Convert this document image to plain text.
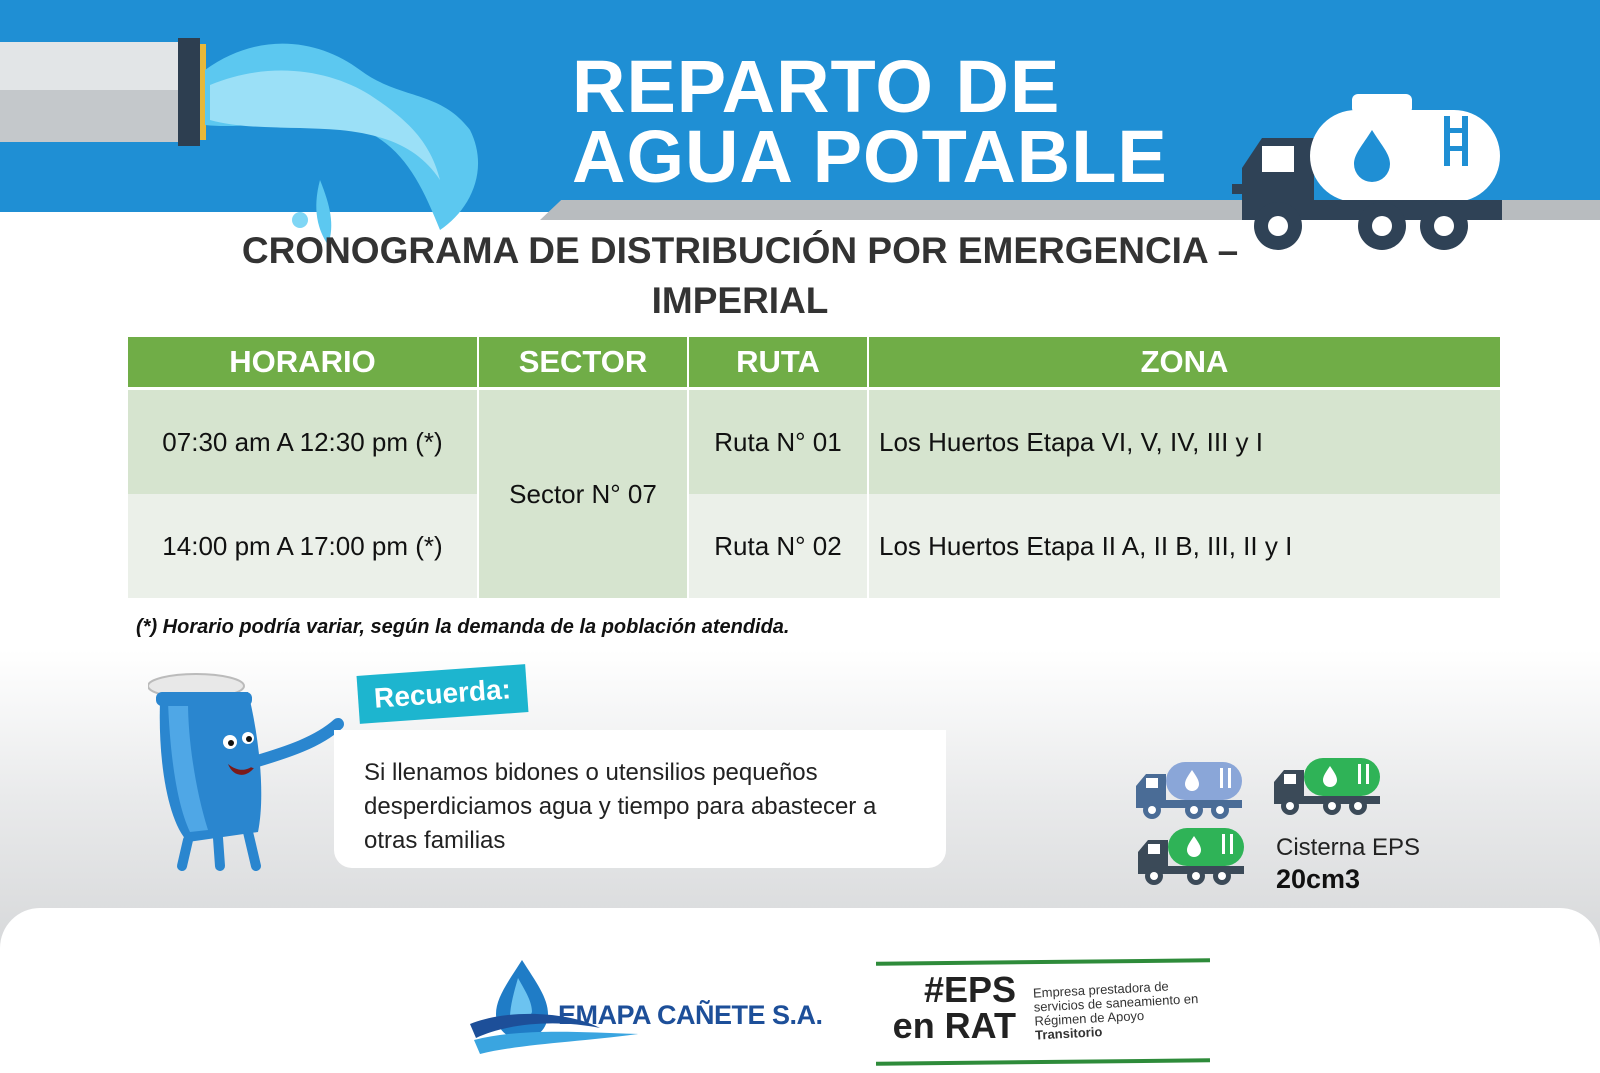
REPARTO DE
AGUA POTABLE
CRONOGRAMA DE DISTRIBUCIÓN POR EMERGENCIA – IMPERIAL
HORARIO	SECTOR	RUTA	ZONA
07:30 am A 12:30 pm (*)	Sector N° 07	Ruta N° 01	Los Huertos Etapa VI, V, IV, III y I
14:00 pm A 17:00 pm (*)		Ruta N° 02	Los Huertos Etapa II A, II B, III, II y I

(*) Horario podría variar, según la demanda de la población atendida.

Recuerda:

Si llenamos bidones o utensilios pequeños desperdiciamos agua y tiempo para abastecer a otras familias	Cisterna EPS

20cm3

EMAPA CAÑETE S.A.

#EPS en RAT

Empresa prestadora de servicios de saneamiento en Régimen de Apoyo
Transitorio
